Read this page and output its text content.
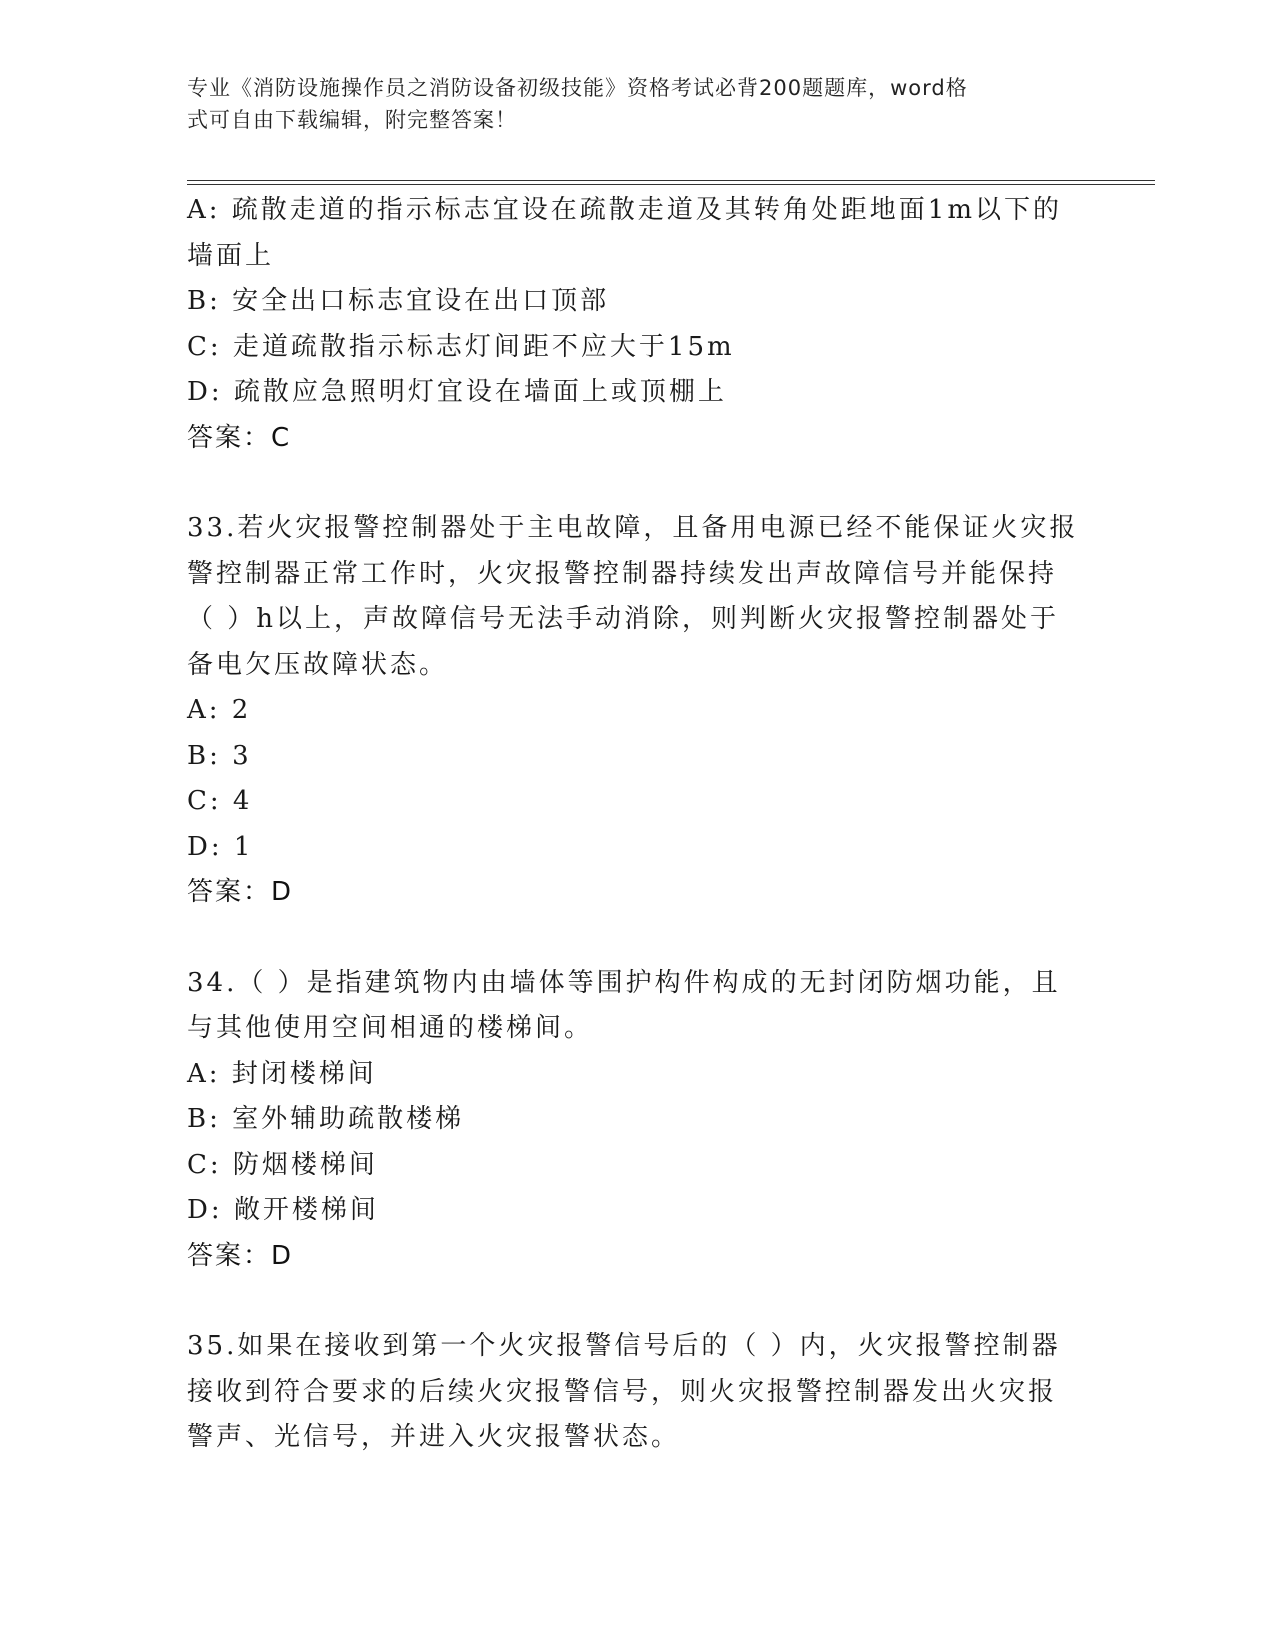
专业《消防设施操作员之消防设备初级技能》资格考试必背200题题库，word格
式可自由下载编辑，附完整答案！
A: 疏散走道的指示标志宜设在疏散走道及其转角处距地面1m以下的
墙面上
B: 安全出口标志宜设在出口顶部
C: 走道疏散指示标志灯间距不应大于15m
D: 疏散应急照明灯宜设在墙面上或顶棚上
答案：C
33.若火灾报警控制器处于主电故障，且备用电源已经不能保证火灾报
警控制器正常工作时，火灾报警控制器持续发出声故障信号并能保持
（ ）h以上，声故障信号无法手动消除，则判断火灾报警控制器处于
备电欠压故障状态。
A: 2
B: 3
C: 4
D: 1
答案：D
34.（ ）是指建筑物内由墙体等围护构件构成的无封闭防烟功能，且
与其他使用空间相通的楼梯间。
A: 封闭楼梯间
B: 室外辅助疏散楼梯
C: 防烟楼梯间
D: 敞开楼梯间
答案：D
35.如果在接收到第一个火灾报警信号后的（ ）内，火灾报警控制器
接收到符合要求的后续火灾报警信号，则火灾报警控制器发出火灾报
警声、光信号，并进入火灾报警状态。
